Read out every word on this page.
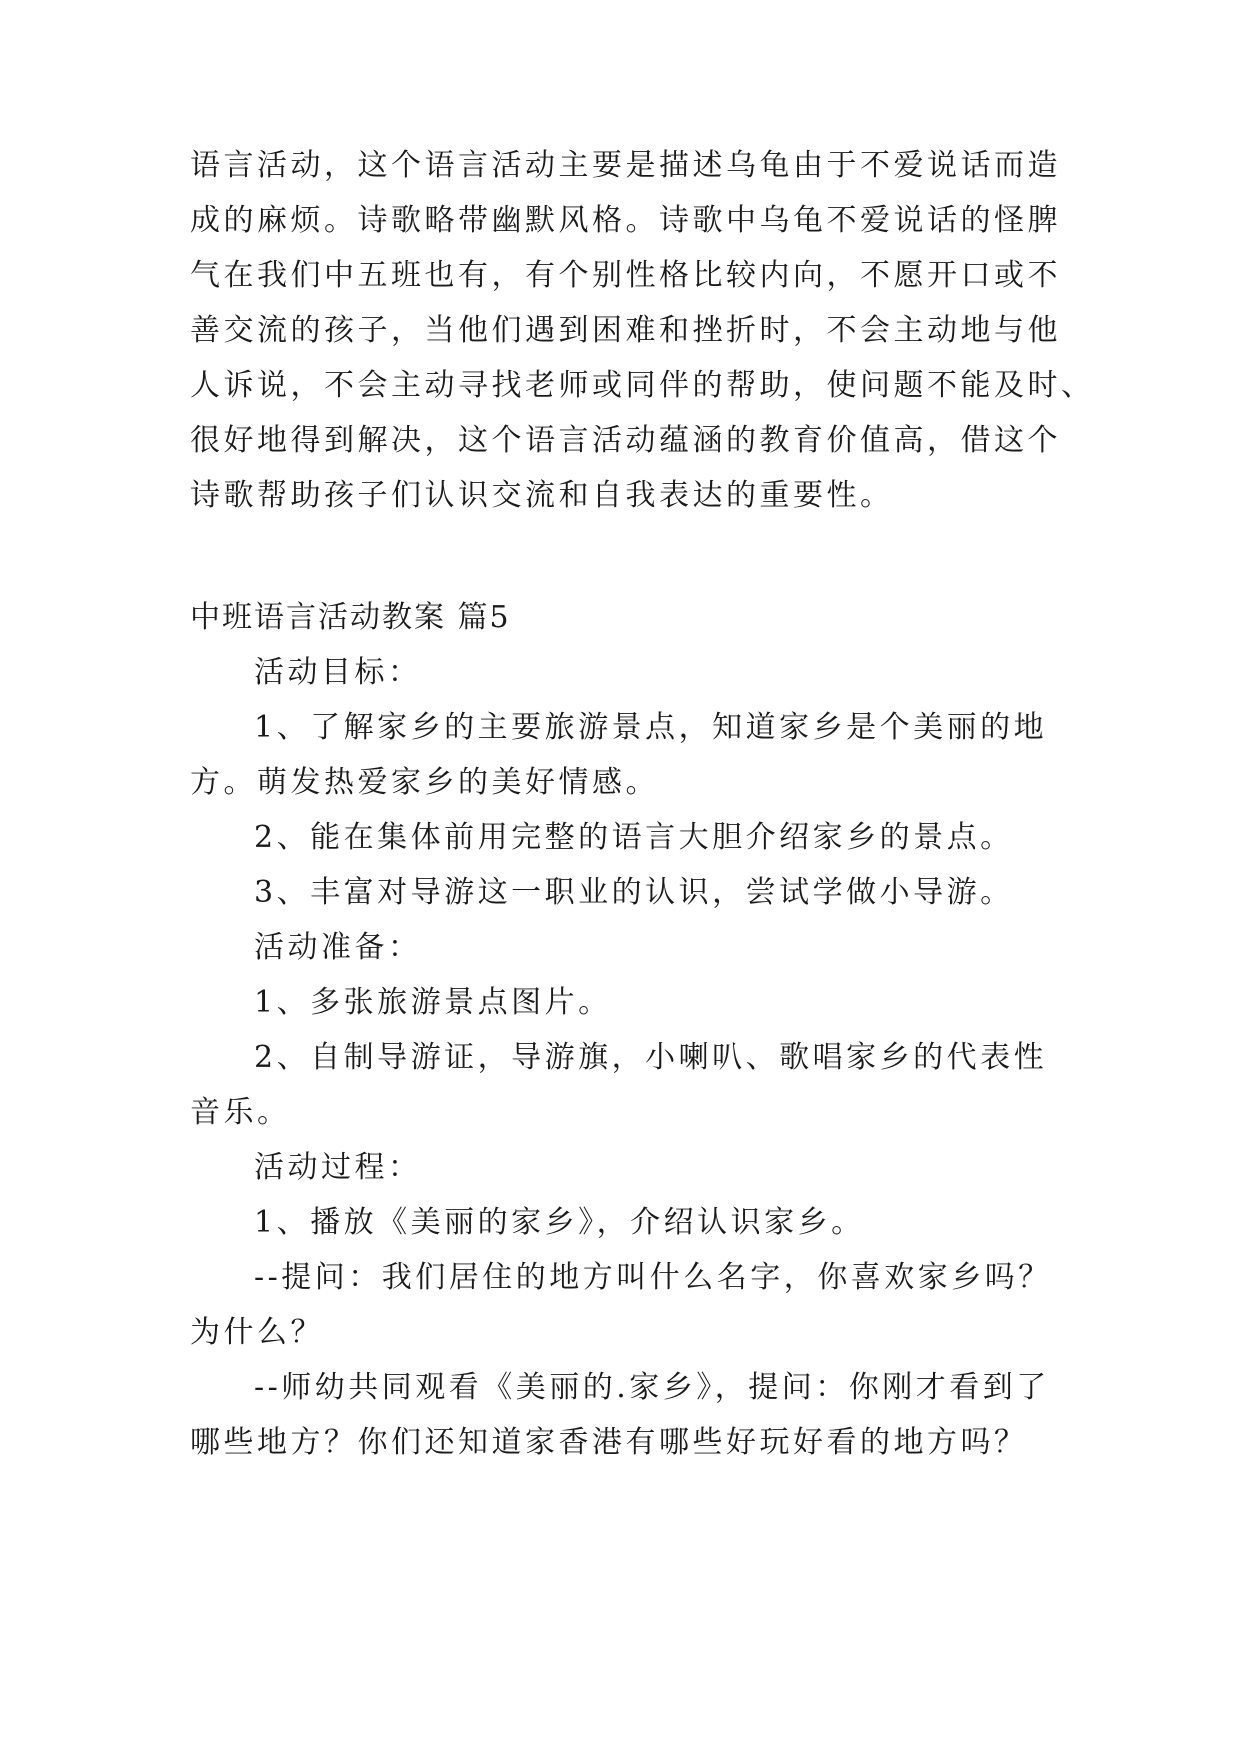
语言活动，这个语言活动主要是描述乌龟由于不爱说话而造
成的麻烦。诗歌略带幽默风格。诗歌中乌龟不爱说话的怪脾
气在我们中五班也有，有个别性格比较内向，不愿开口或不
善交流的孩子，当他们遇到困难和挫折时，不会主动地与他
人诉说，不会主动寻找老师或同伴的帮助，使问题不能及时、
很好地得到解决，这个语言活动蕴涵的教育价值高，借这个
诗歌帮助孩子们认识交流和自我表达的重要性。
中班语言活动教案 篇5
活动目标：
1、了解家乡的主要旅游景点，知道家乡是个美丽的地
方。萌发热爱家乡的美好情感。
2、能在集体前用完整的语言大胆介绍家乡的景点。
3、丰富对导游这一职业的认识，尝试学做小导游。
活动准备：
1、多张旅游景点图片。
2、自制导游证，导游旗，小喇叭、歌唱家乡的代表性
音乐。
活动过程：
1、播放《美丽的家乡》，介绍认识家乡。
--提问：我们居住的地方叫什么名字，你喜欢家乡吗？
为什么？
--师幼共同观看《美丽的.家乡》，提问：你刚才看到了
哪些地方？你们还知道家香港有哪些好玩好看的地方吗？
